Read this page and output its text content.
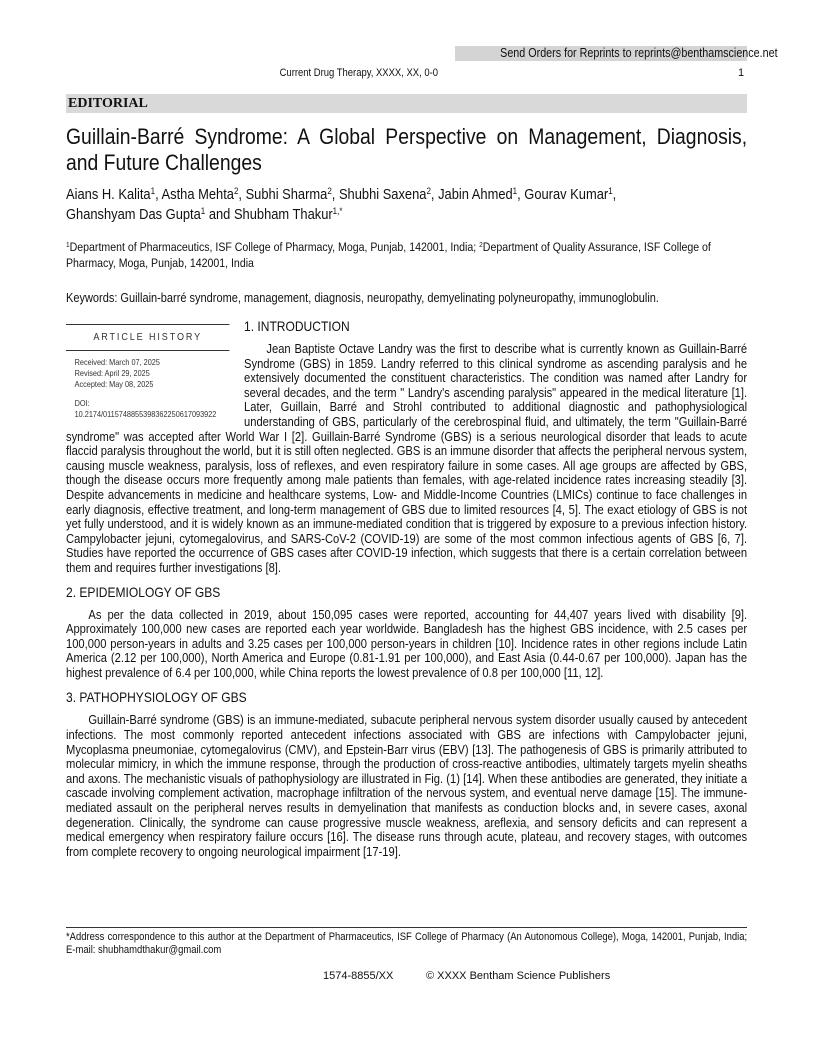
Send Orders for Reprints to reprints@benthamscience.net
Current Drug Therapy, XXXX, XX, 0-0	1
EDITORIAL
Guillain-Barré Syndrome: A Global Perspective on Management, Diagnosis, and Future Challenges
Aians H. Kalita$^1$, Astha Mehta$^2$, Subhi Sharma$^2$, Shubhi Saxena$^2$, Jabin Ahmed$^1$, Gourav Kumar$^1$,
Ghanshyam Das Gupta$^1$ and Shubham Thakur$^{1,*}$
$^1$Department of Pharmaceutics, ISF College of Pharmacy, Moga, Punjab, 142001, India; $^2$Department of Quality Assurance, ISF College of Pharmacy, Moga, Punjab, 142001, India
Keywords: Guillain-barré syndrome, management, diagnosis, neuropathy, demyelinating polyneuropathy, immunoglobulin.
ARTICLE HISTORY
Received: March 07, 2025
Revised: April 29, 2025
Accepted: May 08, 2025
DOI:
10.2174/0115748855398362250617093922
1. INTRODUCTION

Jean Baptiste Octave Landry was the first to describe what is currently known as Guillain-Barré Syndrome (GBS) in 1859. Landry referred to this clinical syndrome as ascending paralysis and he extensively documented the constituent characteristics. The condition was named after Landry for several decades, and the term " Landry's ascending paralysis" appeared in the medical literature [1]. Later, Guillain, Barré and Strohl contributed to additional diagnostic and pathophysiological understanding of GBS, particularly of the cerebrospinal fluid, and ultimately, the term "Guillain-Barré syndrome" was accepted after World War I [2]. Guillain-Barré Syndrome (GBS) is a serious neurological disorder that leads to acute flaccid paralysis throughout the world, but it is still often neglected. GBS is an immune disorder that affects the peripheral nervous system, causing muscle weakness, paralysis, loss of reflexes, and even respiratory failure in some cases. All age groups are affected by GBS, though the disease occurs more frequently among male patients than females, with age-related incidence rates increasing steadily [3]. Despite advancements in medicine and healthcare systems, Low- and Middle-Income Countries (LMICs) continue to face challenges in early diagnosis, effective treatment, and long-term management of GBS due to limited resources [4, 5]. The exact etiology of GBS is not yet fully understood, and it is widely known as an immune-mediated condition that is triggered by exposure to a previous infection history. Campylobacter jejuni, cytomegalovirus, and SARS-CoV-2 (COVID-19) are some of the most common infectious agents of GBS [6, 7]. Studies have reported the occurrence of GBS cases after COVID-19 infection, which suggests that there is a certain correlation between them and requires further investigations [8].

2. EPIDEMIOLOGY OF GBS

As per the data collected in 2019, about 150,095 cases were reported, accounting for 44,407 years lived with disability [9]. Approximately 100,000 new cases are reported each year worldwide. Bangladesh has the highest GBS incidence, with 2.5 cases per 100,000 person-years in adults and 3.25 cases per 100,000 person-years in children [10]. Incidence rates in other regions include Latin America (2.12 per 100,000), North America and Europe (0.81-1.91 per 100,000), and East Asia (0.44-0.67 per 100,000). Japan has the highest prevalence of 6.4 per 100,000, while China reports the lowest prevalence of 0.8 per 100,000 [11, 12].

3. PATHOPHYSIOLOGY OF GBS

Guillain-Barré syndrome (GBS) is an immune-mediated, subacute peripheral nervous system disorder usually caused by antecedent infections. The most commonly reported antecedent infections associated with GBS are infections with Campylobacter jejuni, Mycoplasma pneumoniae, cytomegalovirus (CMV), and Epstein-Barr virus (EBV) [13]. The pathogenesis of GBS is primarily attributed to molecular mimicry, in which the immune response, through the production of cross-reactive antibodies, ultimately targets myelin sheaths and axons. The mechanistic visuals of pathophysiology are illustrated in Fig. (1) [14]. When these antibodies are generated, they initiate a cascade involving complement activation, macrophage infiltration of the nervous system, and eventual nerve damage [15]. The immune-mediated assault on the peripheral nerves results in demyelination that manifests as conduction blocks and, in severe cases, axonal degeneration. Clinically, the syndrome can cause progressive muscle weakness, areflexia, and sensory deficits and can represent a medical emergency when respiratory failure occurs [16]. The disease runs through acute, plateau, and recovery stages, with outcomes from complete recovery to ongoing neurological impairment [17-19].

*Address correspondence to this author at the Department of Pharmaceutics, ISF College of Pharmacy (An Autonomous College), Moga, 142001, Punjab, India; E-mail: shubhamdthakur@gmail.com
1574-8855/XX	© XXXX Bentham Science Publishers
